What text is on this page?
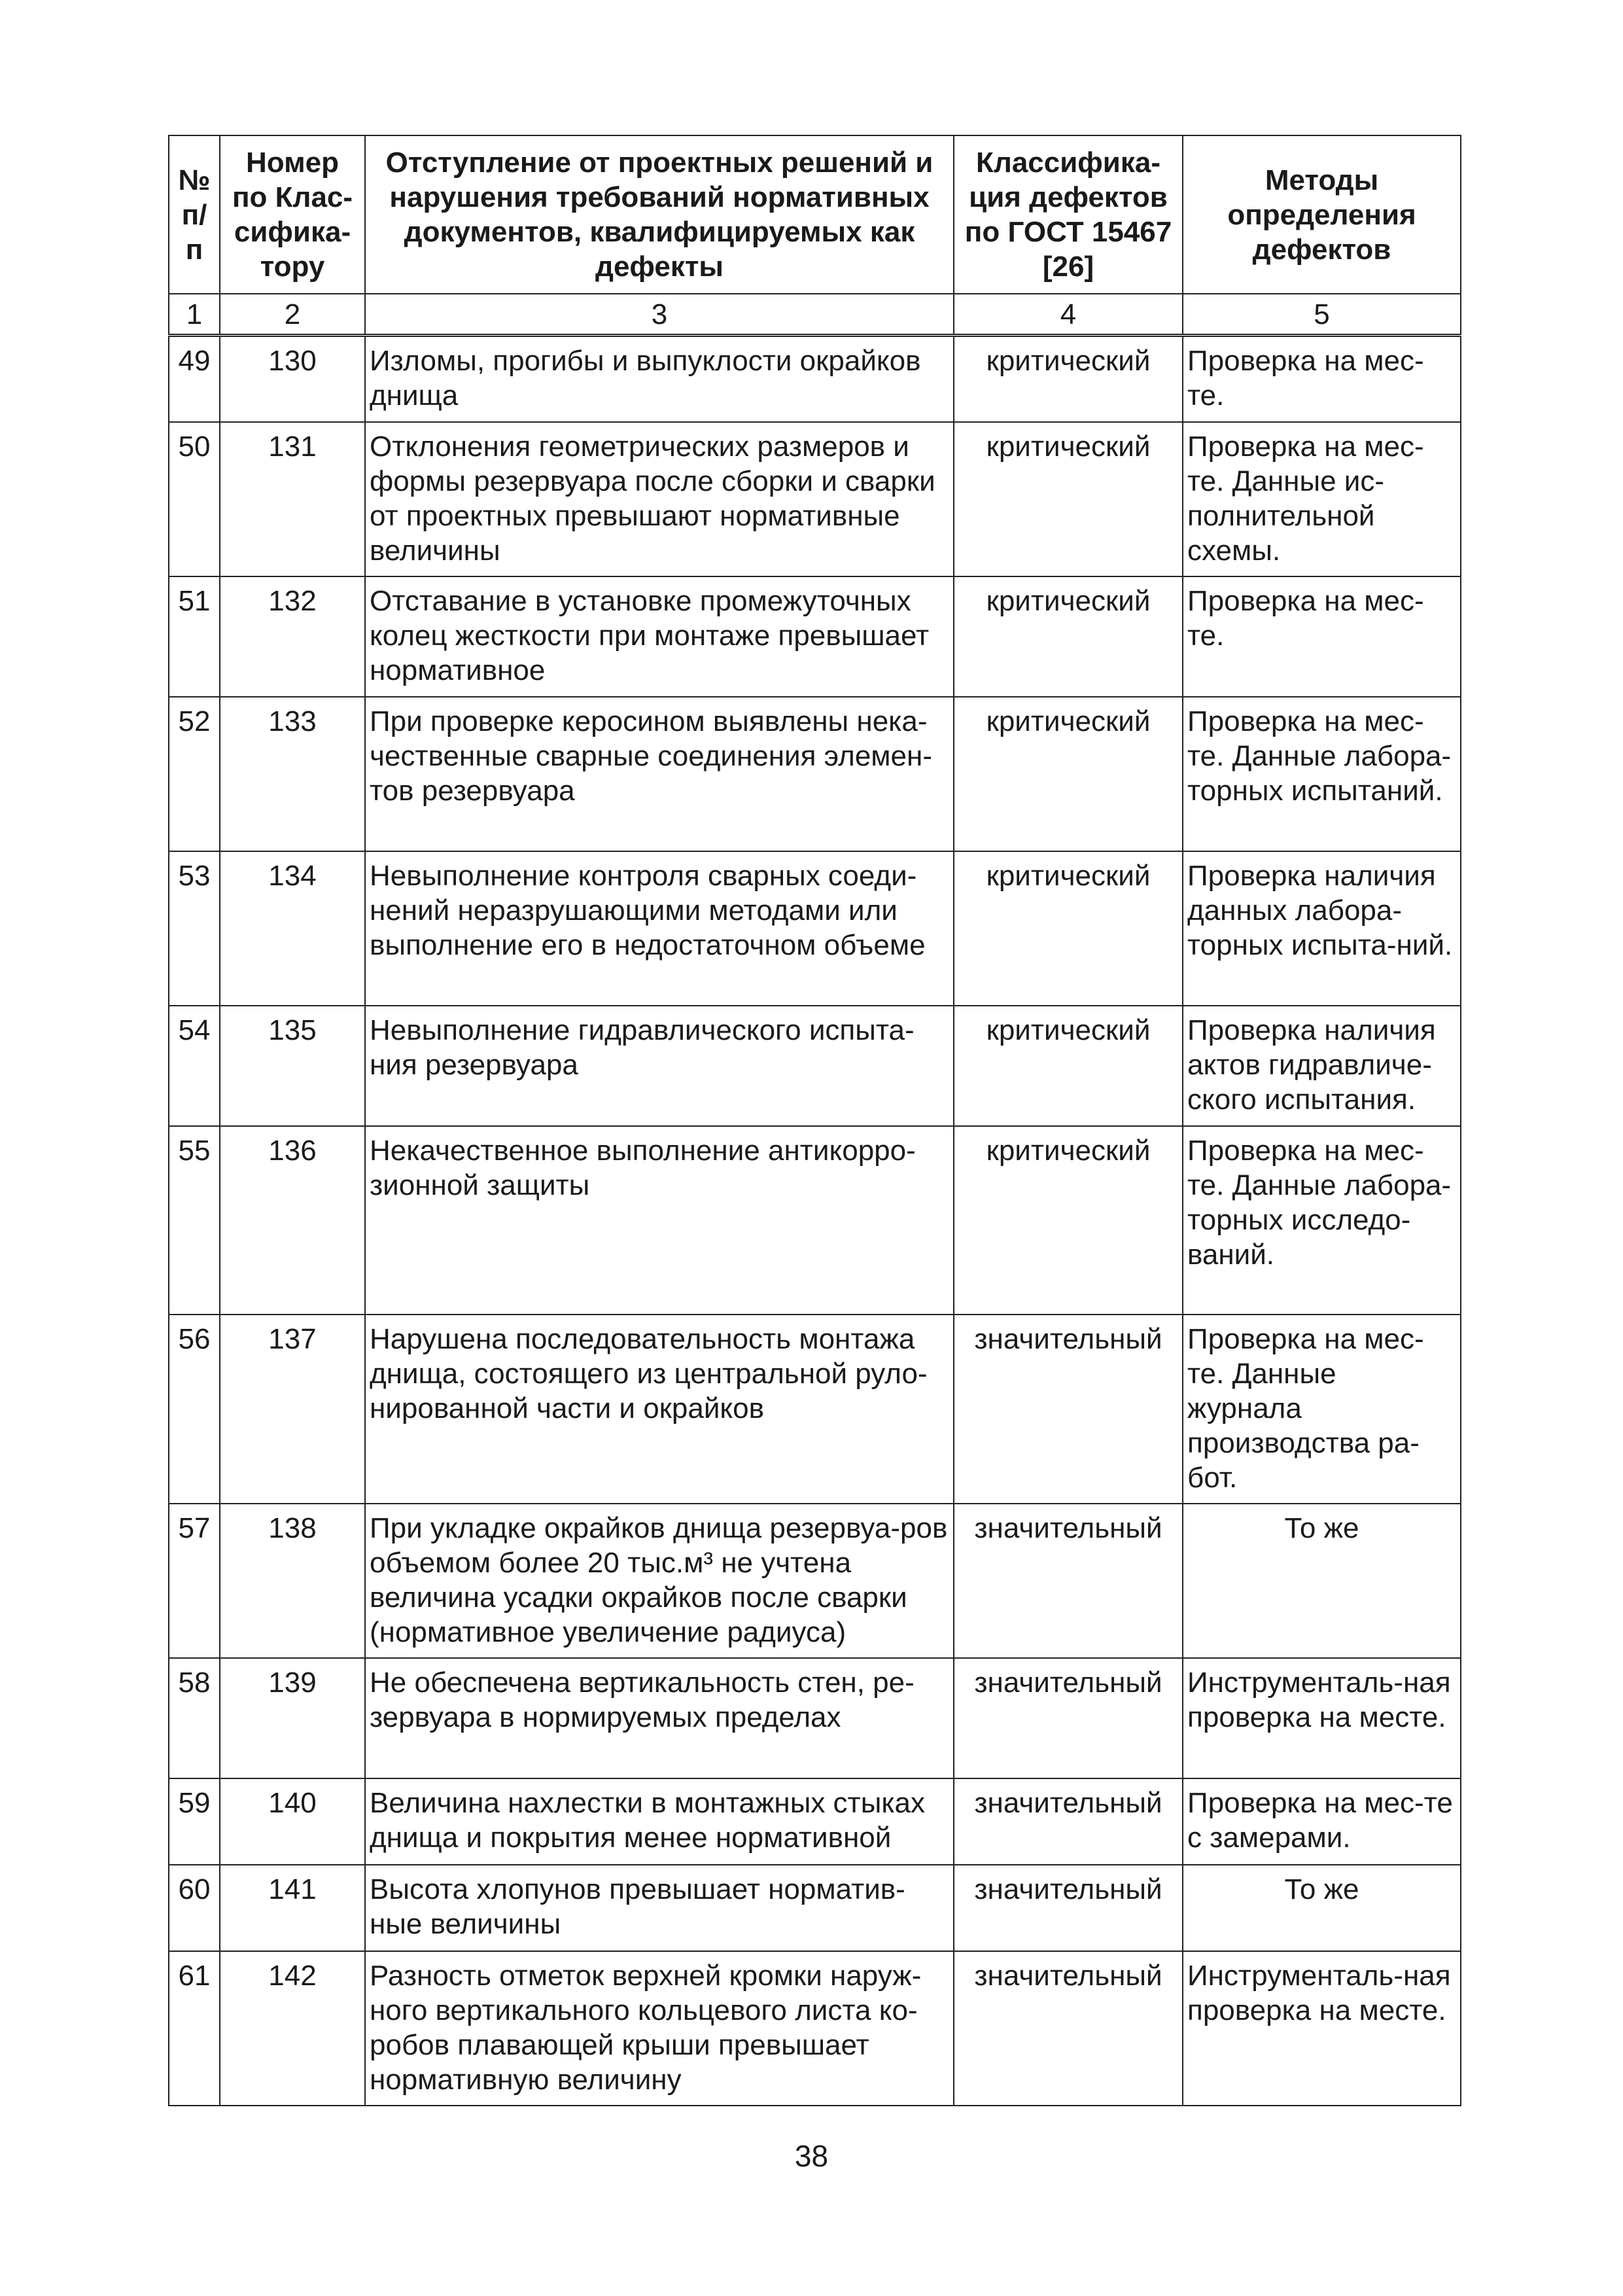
№ п/п	Номер по Клас-сифика-тору	Отступление от проектных решений и нарушения требований нормативных документов, квалифицируемых как дефекты	Классифика-ция дефектов по ГОСТ 15467 [26]	Методы определения дефектов
1	2	3	4	5
49	130	Изломы, прогибы и выпуклости окрайков днища	критический	Проверка на мес-те.
50	131	Отклонения геометрических размеров и формы резервуара после сборки и сварки от проектных превышают нормативные величины	критический	Проверка на мес-те. Данные ис-полнительной схемы.
51	132	Отставание в установке промежуточных колец жесткости при монтаже превышает нормативное	критический	Проверка на мес-те.
52	133	При проверке керосином выявлены нека-чественные сварные соединения элемен-тов резервуара	критический	Проверка на мес-те. Данные лабора-торных испытаний.
53	134	Невыполнение контроля сварных соеди-нений неразрушающими методами или выполнение его в недостаточном объеме	критический	Проверка наличия данных лабора-торных испыта-ний.
54	135	Невыполнение гидравлического испыта-ния резервуара	критический	Проверка наличия актов гидравличе-ского испытания.
55	136	Некачественное выполнение антикорро-зионной защиты	критический	Проверка на мес-те. Данные лабора-торных исследо-ваний.
56	137	Нарушена последовательность монтажа днища, состоящего из центральной руло-нированной части и окрайков	значительный	Проверка на мес-те. Данные журнала производства ра-бот.
57	138	При укладке окрайков днища резервуа-ров объемом более 20 тыс.м³ не учтена величина усадки окрайков после сварки (нормативное увеличение радиуса)	значительный	То же
58	139	Не обеспечена вертикальность стен, ре-зервуара в нормируемых пределах	значительный	Инструменталь-ная проверка на месте.
59	140	Величина нахлестки в монтажных стыках днища и покрытия менее нормативной	значительный	Проверка на мес-те с замерами.
60	141	Высота хлопунов превышает норматив-ные величины	значительный	То же
61	142	Разность отметок верхней кромки наруж-ного вертикального кольцевого листа ко-робов плавающей крыши превышает нормативную величину	значительный	Инструменталь-ная проверка на месте.
38
